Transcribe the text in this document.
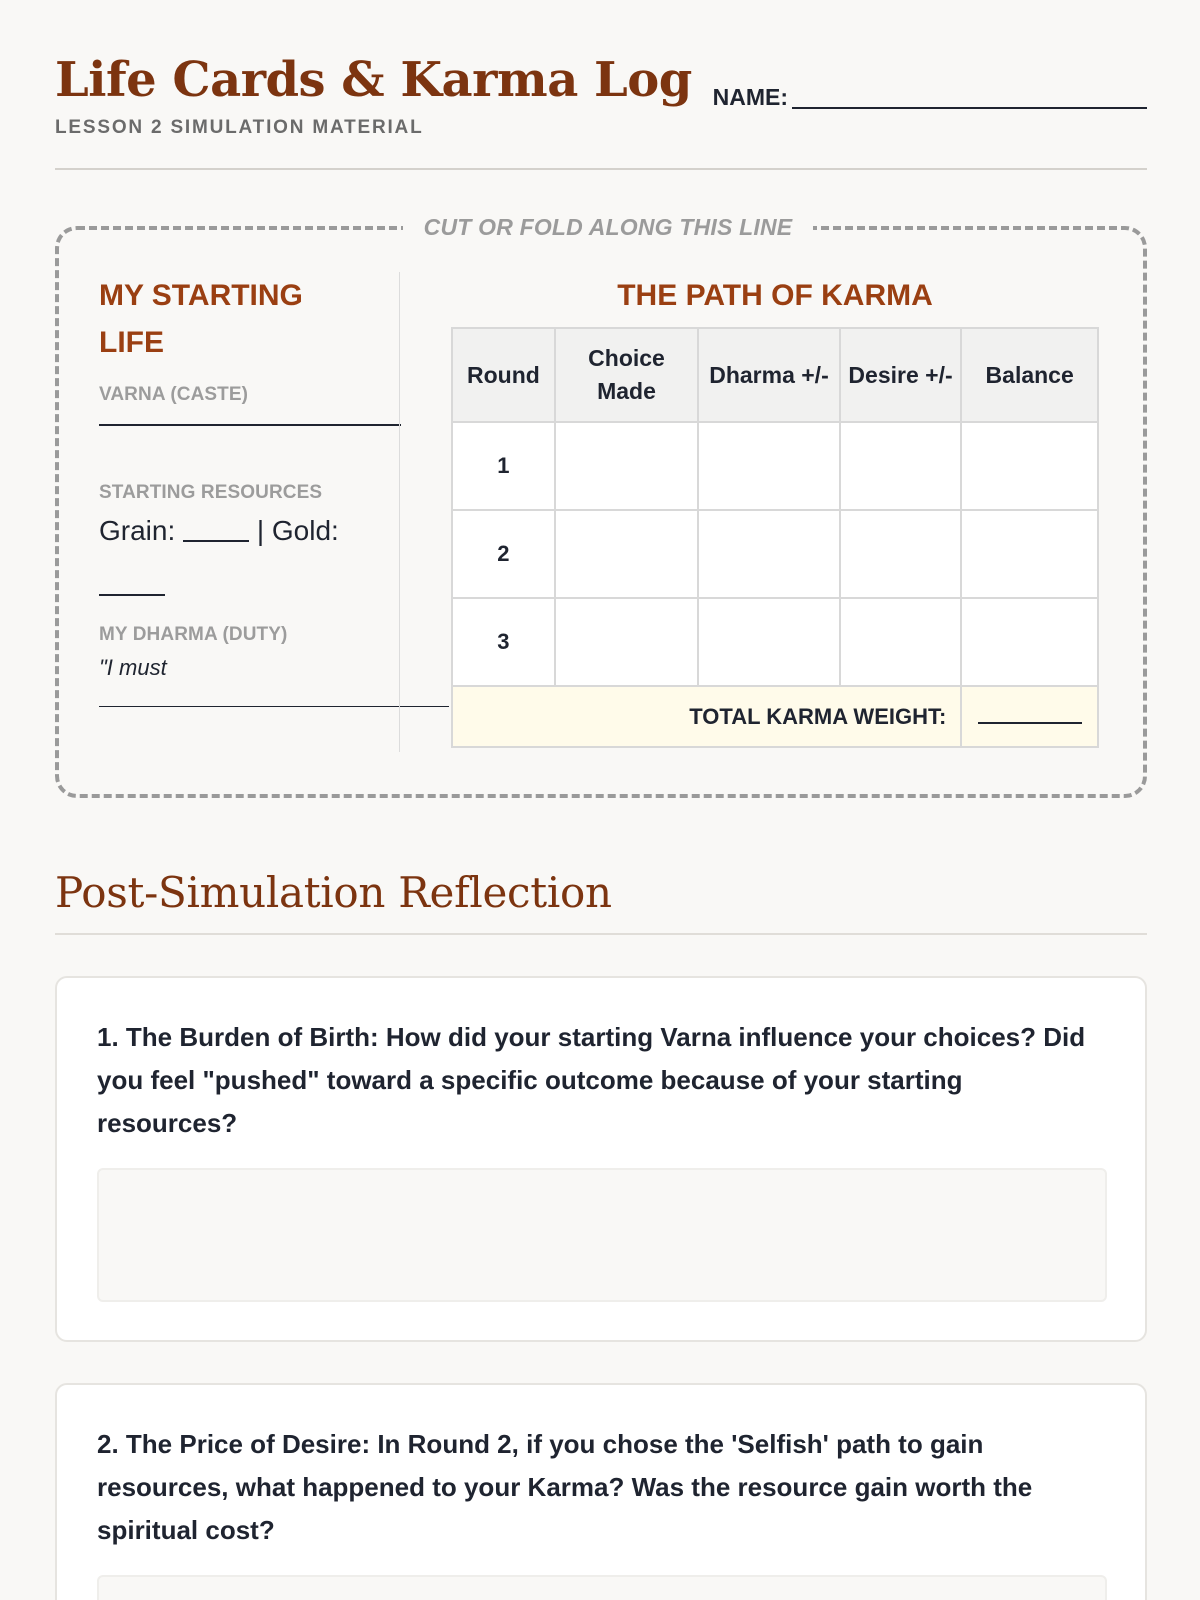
Life Cards & Karma Log
LESSON 2 SIMULATION MATERIAL
NAME:
CUT OR FOLD ALONG THIS LINE
MY STARTING LIFE
VARNA (CASTE)
STARTING RESOURCES
Grain:	| Gold:
MY DHARMA (DUTY)
"I must
THE PATH OF KARMA
Round	Choice Made	Dharma +/-	Desire +/-	Balance
1				
2				
3				
TOTAL KARMA WEIGHT:				
Post-Simulation Reflection
1. The Burden of Birth: How did your starting Varna influence your choices? Did you feel "pushed" toward a specific outcome because of your starting resources?
2. The Price of Desire: In Round 2, if you chose the 'Selfish' path to gain resources, what happened to your Karma? Was the resource gain worth the spiritual cost?
